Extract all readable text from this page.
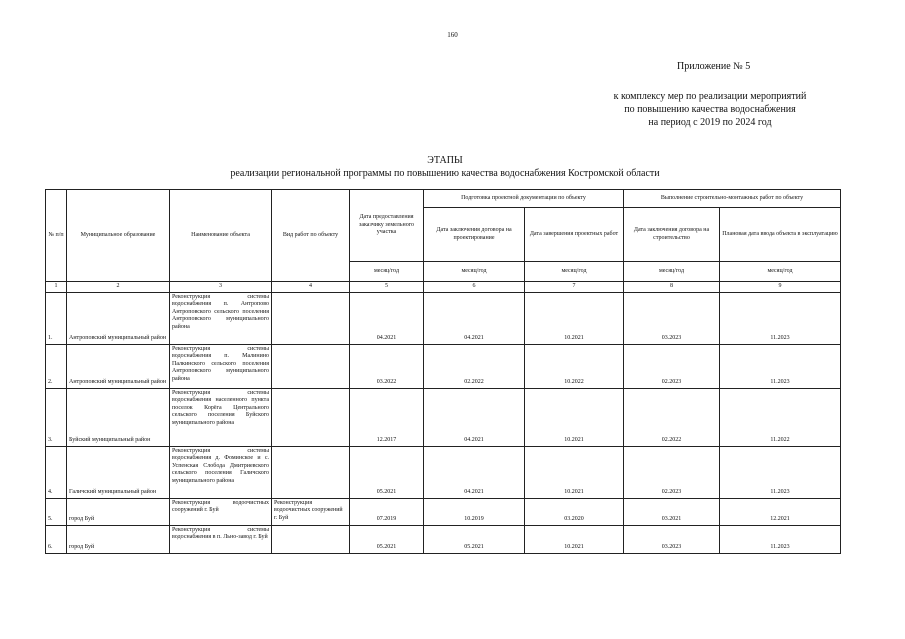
160
Приложение № 5
к комплексу мер по реализации мероприятий
по повышению качества водоснабжения
на период с 2019 по 2024 год
ЭТАПЫ
реализации региональной программы по повышению качества водоснабжения Костромской области
№ п/п	Муниципальное образование	Наименование объекта	Вид работ по объекту	Дата предоставления заказчику земельного участка	Подготовка проектной документации по объекту		Выполнение строительно-монтажных работ по объекту	
					Дата заключения договора на проектирование	Дата завершения проектных работ	Дата заключения договора на строительство	Плановая дата ввода объекта в эксплуатацию
				месяц/год	месяц/год	месяц/год	месяц/год	месяц/год
1	2	3	4	5	6	7	8	9
1.	Антроповский муниципальный район	Реконструкция системы водоснабжения п. Антропово Антроповского сельского поселения Антроповского муниципального района		04.2021	04.2021	10.2021	03.2023	11.2023
2.	Антроповский муниципальный район	Реконструкция системы водоснабжения п. Малинино Палкинского сельского поселения Антроповского муниципального района		03.2022	02.2022	10.2022	02.2023	11.2023
3.	Буйский муниципальный район	Реконструкция системы водоснабжения населенного пункта поселок Корёга Центрального сельского поселения Буйского муниципального района		12.2017	04.2021	10.2021	02.2022	11.2022
4.	Галичский муниципальный район	Реконструкция системы водоснабжения д. Фоминское и с. Успенская Слобода Дмитриевского сельского поселения Галичского муниципального района		05.2021	04.2021	10.2021	02.2023	11.2023
5.	город Буй	Реконструкция водоочистных сооружений г. Буй	Реконструкция водоочистных сооружений г. Буй	07.2019	10.2019	03.2020	03.2021	12.2021
6.	город Буй	Реконструкция системы водоснабжения в п. Льно-завод г. Буй		05.2021	05.2021	10.2021	03.2023	11.2023
